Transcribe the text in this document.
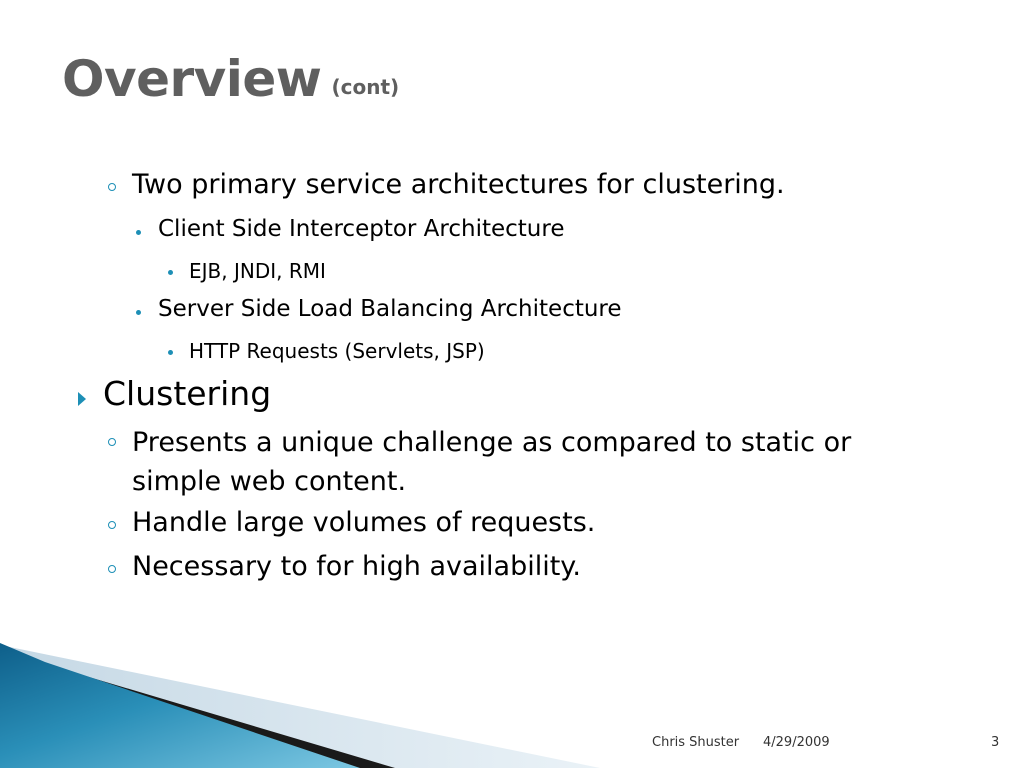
Overview (cont)
Two primary service architectures for clustering.
Client Side Interceptor Architecture
EJB, JNDI, RMI
Server Side Load Balancing Architecture
HTTP Requests (Servlets, JSP)
Clustering
Presents a unique challenge as compared to static or simple web content.
Handle large volumes of requests.
Necessary to for high availability.
Chris Shuster 4/29/2009	3
